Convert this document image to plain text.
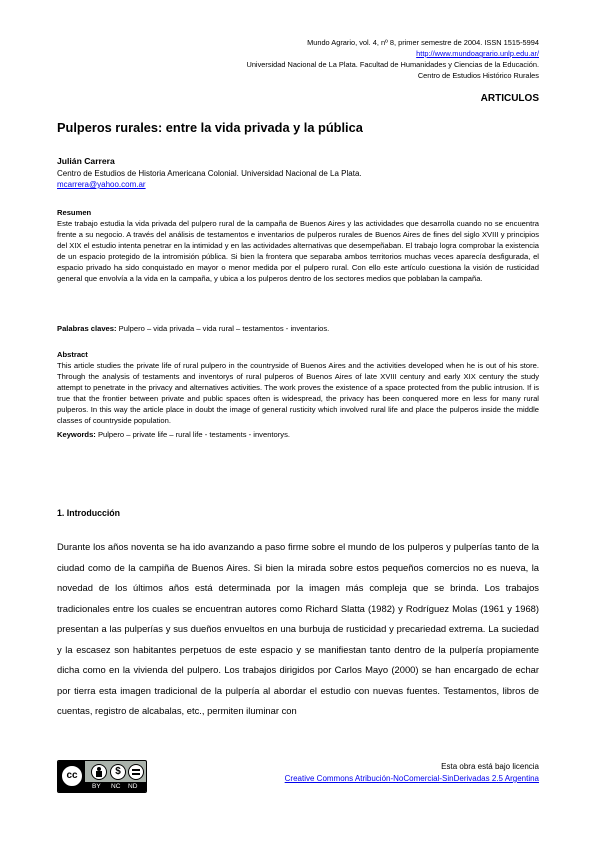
Mundo Agrario, vol. 4, nº 8, primer semestre de 2004. ISSN 1515-5994
http://www.mundoagrario.unlp.edu.ar/
Universidad Nacional de La Plata. Facultad de Humanidades y Ciencias de la Educación.
Centro de Estudios Histórico Rurales
ARTICULOS
Pulperos rurales: entre la vida privada y la pública
Julián Carrera
Centro de Estudios de Historia Americana Colonial. Universidad Nacional de La Plata.
mcarrera@yahoo.com.ar
Resumen
Este trabajo estudia la vida privada del pulpero rural de la campaña de Buenos Aires y las actividades que desarrolla cuando no se encuentra frente a su negocio. A través del análisis de testamentos e inventarios de pulperos rurales de Buenos Aires de fines del siglo XVIII y principios del XIX el estudio intenta penetrar en la intimidad y en las actividades alternativas que desempeñaban. El trabajo logra comprobar la existencia de un espacio protegido de la intromisión pública. Si bien la frontera que separaba ambos territorios muchas veces aparecía desfigurada, el espacio privado ha sido conquistado en mayor o menor medida por el pulpero rural. Con ello este artículo cuestiona la visión de rusticidad general que envolvía a la vida en la campaña, y ubica a los pulperos dentro de los sectores medios que poblaban la campaña.
Palabras claves: Pulpero – vida privada – vida rural – testamentos - inventarios.
Abstract
This article studies the private life of rural pulpero in the countryside of Buenos Aires and the activities developed when he is out of his store. Through the analysis of testaments and inventorys of rural pulperos of Buenos Aires of late XVIII century and early XIX century the study attempt to penetrate in the privacy and alternatives activities. The work proves the existence of a space protected from the public intrusion. If is true that the frontier between private and public spaces often is widespread, the privacy has been conquered more en less for many rural pulperos. In this way the article place in doubt the image of general rusticity which involved rural life and place the pulperos inside the middle classes of countryside population.
Keywords: Pulpero – private life – rural life - testaments - inventorys.
1. Introducción
Durante los años noventa se ha ido avanzando a paso firme sobre el mundo de los pulperos y pulperías tanto de la ciudad como de la campiña de Buenos Aires. Si bien la mirada sobre estos pequeños comercios no es nueva, la novedad de los últimos años está determinada por la imagen más compleja que se brinda. Los trabajos tradicionales entre los cuales se encuentran autores como Richard Slatta (1982) y Rodríguez Molas (1961 y 1968) presentan a las pulperías y sus dueños envueltos en una burbuja de rusticidad y precariedad extrema. La suciedad y la escasez son habitantes perpetuos de este espacio y se manifiestan tanto dentro de la pulpería propiamente dicha como en la vivienda del pulpero. Los trabajos dirigidos por Carlos Mayo (2000) se han encargado de echar por tierra esta imagen tradicional de la pulpería al abordar el estudio con nuevas fuentes. Testamentos, libros de cuentas, registro de alcabalas, etc., permiten iluminar con
cc	$
BY NC ND
Esta obra está bajo licencia
Creative Commons Atribución-NoComercial-SinDerivadas 2.5 Argentina
